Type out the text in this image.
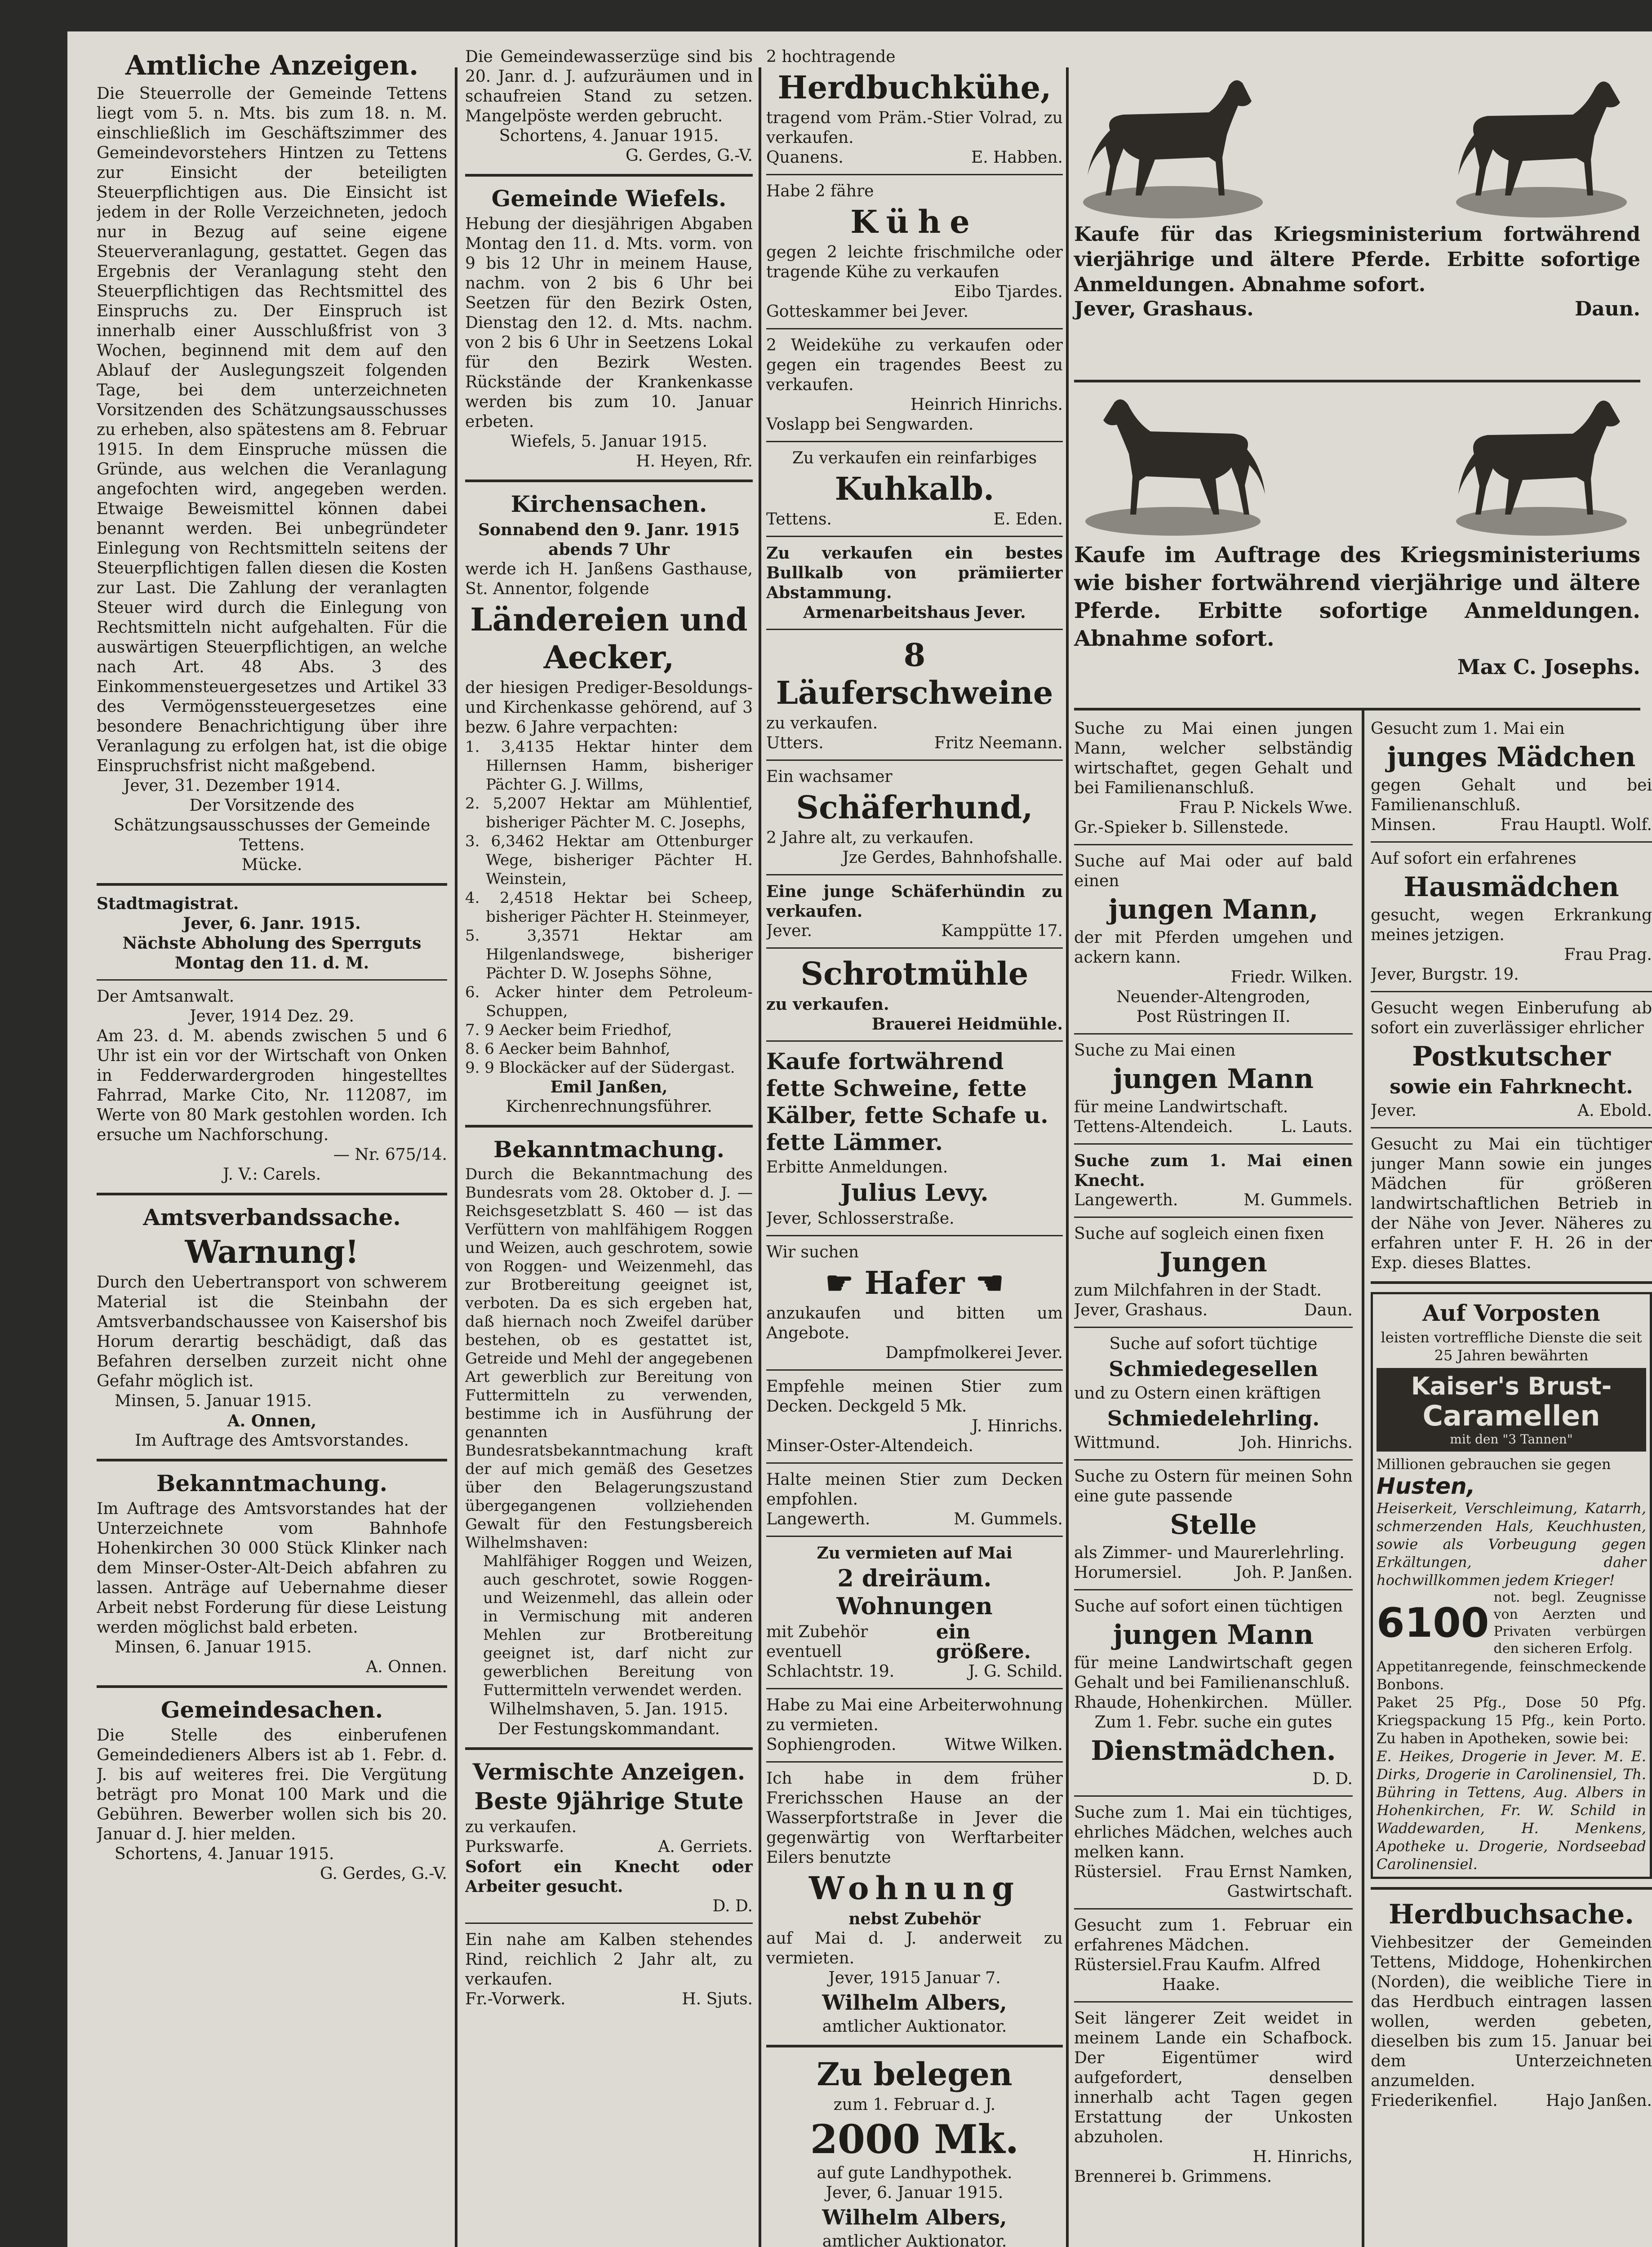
Amtliche Anzeigen.

Die Steuerrolle der Gemeinde Tettens liegt vom 5. n. Mts. bis zum 18. n. M. einschließlich im Geschäftszimmer des Gemeindevorstehers Hintzen zu Tettens zur Einsicht der beteiligten Steuerpflichtigen aus. Die Einsicht ist jedem in der Rolle Verzeichneten, jedoch nur in Bezug auf seine eigene Steuerveranlagung, gestattet. Gegen das Ergebnis der Veranlagung steht den Steuerpflichtigen das Rechtsmittel des Einspruchs zu. Der Einspruch ist innerhalb einer Ausschlußfrist von 3 Wochen, beginnend mit dem auf den Ablauf der Auslegungszeit folgenden Tage, bei dem unterzeichneten Vorsitzenden des Schätzungsausschusses zu erheben, also spätestens am 8. Februar 1915. In dem Einspruche müssen die Gründe, aus welchen die Veranlagung angefochten wird, angegeben werden. Etwaige Beweismittel können dabei benannt werden. Bei unbegründeter Einlegung von Rechtsmitteln seitens der Steuerpflichtigen fallen diesen die Kosten zur Last. Die Zahlung der veranlagten Steuer wird durch die Einlegung von Rechtsmitteln nicht aufgehalten. Für die auswärtigen Steuerpflichtigen, an welche nach Art. 48 Abs. 3 des Einkommensteuergesetzes und Artikel 33 des Vermögenssteuergesetzes eine besondere Benachrichtigung über ihre Veranlagung zu erfolgen hat, ist die obige Einspruchsfrist nicht maßgebend.

Jever, 31. Dezember 1914.

Der Vorsitzende des Schätzungsausschusses der Gemeinde Tettens.

Mücke.

Stadtmagistrat.

Jever, 6. Janr. 1915.

Nächste Abholung des Sperrguts Montag den 11. d. M.

Der Amtsanwalt.

Jever, 1914 Dez. 29.

Am 23. d. M. abends zwischen 5 und 6 Uhr ist ein vor der Wirtschaft von Onken in Fedderwardergroden hingestelltes Fahrrad, Marke Cito, Nr. 112087, im Werte von 80 Mark gestohlen worden. Ich ersuche um Nachforschung.

— Nr. 675/14.

J. V.: Carels.

Amtsverbandssache.
Warnung!

Durch den Uebertransport von schwerem Material ist die Steinbahn der Amtsverbandschaussee von Kaisershof bis Horum derartig beschädigt, daß das Befahren derselben zurzeit nicht ohne Gefahr möglich ist.

Minsen, 5. Januar 1915.

A. Onnen,

Im Auftrage des Amtsvorstandes.

Bekanntmachung.

Im Auftrage des Amtsvorstandes hat der Unterzeichnete vom Bahnhofe Hohenkirchen 30 000 Stück Klinker nach dem Minser-Oster-Alt-Deich abfahren zu lassen. Anträge auf Uebernahme dieser Arbeit nebst Forderung für diese Leistung werden möglichst bald erbeten.

Minsen, 6. Januar 1915.

A. Onnen.

Gemeindesachen.

Die Stelle des einberufenen Gemeindedieners Albers ist ab 1. Febr. d. J. bis auf weiteres frei. Die Vergütung beträgt pro Monat 100 Mark und die Gebühren. Bewerber wollen sich bis 20. Januar d. J. hier melden.

Schortens, 4. Januar 1915.

G. Gerdes, G.-V.

Die Gemeindewasserzüge sind bis 20. Janr. d. J. aufzuräumen und in schaufreien Stand zu setzen. Mangelpöste werden gebrucht.

Schortens, 4. Januar 1915.

G. Gerdes, G.-V.

Gemeinde Wiefels.

Hebung der diesjährigen Abgaben Montag den 11. d. Mts. vorm. von 9 bis 12 Uhr in meinem Hause, nachm. von 2 bis 6 Uhr bei Seetzen für den Bezirk Osten, Dienstag den 12. d. Mts. nachm. von 2 bis 6 Uhr in Seetzens Lokal für den Bezirk Westen. Rückstände der Krankenkasse werden bis zum 10. Januar erbeten.

Wiefels, 5. Januar 1915.

H. Heyen, Rfr.

Kirchensachen.

Sonnabend den 9. Janr. 1915 abends 7 Uhr

werde ich H. Janßens Gasthause, St. Annentor, folgende

Ländereien und Aecker,

der hiesigen Prediger-Besoldungs- und Kirchenkasse gehörend, auf 3 bezw. 6 Jahre verpachten:

1. 3,4135 Hektar hinter dem Hillernsen Hamm, bisheriger Pächter G. J. Willms,
2. 5,2007 Hektar am Mühlentief, bisheriger Pächter M. C. Josephs,
3. 6,3462 Hektar am Ottenburger Wege, bisheriger Pächter H. Weinstein,
4. 2,4518 Hektar bei Scheep, bisheriger Pächter H. Steinmeyer,
5. 3,3571 Hektar am Hilgenlandswege, bisheriger Pächter D. W. Josephs Söhne,
6. Acker hinter dem Petroleum-Schuppen,
7. 9 Aecker beim Friedhof,
8. 6 Aecker beim Bahnhof,
9. 9 Blockäcker auf der Südergast.

Emil Janßen,

Kirchenrechnungsführer.

Bekanntmachung.

Durch die Bekanntmachung des Bundesrats vom 28. Oktober d. J. — Reichsgesetzblatt S. 460 — ist das Verfüttern von mahlfähigem Roggen und Weizen, auch geschrotem, sowie von Roggen- und Weizenmehl, das zur Brotbereitung geeignet ist, verboten. Da es sich ergeben hat, daß hiernach noch Zweifel darüber bestehen, ob es gestattet ist, Getreide und Mehl der angegebenen Art gewerblich zur Bereitung von Futtermitteln zu verwenden, bestimme ich in Ausführung der genannten Bundesratsbekanntmachung kraft der auf mich gemäß des Gesetzes über den Belagerungszustand übergegangenen vollziehenden Gewalt für den Festungsbereich Wilhelmshaven:

Mahlfähiger Roggen und Weizen, auch geschrotet, sowie Roggen- und Weizenmehl, das allein oder in Vermischung mit anderen Mehlen zur Brotbereitung geeignet ist, darf nicht zur gewerblichen Bereitung von Futtermitteln verwendet werden.

Wilhelmshaven, 5. Jan. 1915.

Der Festungskommandant.

Vermischte Anzeigen.
Beste 9jährige Stute

zu verkaufen.

Purkswarfe.	A. Gerriets.

Sofort ein Knecht oder Arbeiter gesucht.

D. D.

Ein nahe am Kalben stehendes Rind, reichlich 2 Jahr alt, zu verkaufen.

Fr.-Vorwerk.	H. Sjuts.

2 hochtragende

Herdbuchkühe,

tragend vom Präm.-Stier Volrad, zu verkaufen.

Quanens.	E. Habben.

Habe 2 fähre

Kühe

gegen 2 leichte frischmilche oder tragende Kühe zu verkaufen

Eibo Tjardes.

Gotteskammer bei Jever.

2 Weidekühe zu verkaufen oder gegen ein tragendes Beest zu verkaufen.

Heinrich Hinrichs.

Voslapp bei Sengwarden.

Zu verkaufen ein reinfarbiges

Kuhkalb.
Tettens.	E. Eden.

Zu verkaufen ein bestes Bullkalb von prämiierter Abstammung.

Armenarbeitshaus Jever.

8 Läuferschweine

zu verkaufen.

Utters.	Fritz Neemann.

Ein wachsamer

Schäferhund,

2 Jahre alt, zu verkaufen.

Jze Gerdes, Bahnhofshalle.

Eine junge Schäferhündin zu verkaufen.

Jever.	Kamppütte 17.
Schrotmühle

zu verkaufen.

Brauerei Heidmühle.

Kaufe fortwährend fette Schweine, fette Kälber, fette Schafe u. fette Lämmer.

Erbitte Anmeldungen.

Julius Levy.

Jever, Schlosserstraße.

Wir suchen

☛ Hafer ☚

anzukaufen und bitten um Angebote.

Dampfmolkerei Jever.

Empfehle meinen Stier zum Decken. Deckgeld 5 Mk.

J. Hinrichs.

Minser-Oster-Altendeich.

Halte meinen Stier zum Decken empfohlen.

Langewerth.	M. Gummels.

Zu vermieten auf Mai

2 dreiräum. Wohnungen
mit Zubehör eventuell
ein größere.
Schlachtstr. 19.	J. G. Schild.

Habe zu Mai eine Arbeiterwohnung zu vermieten.

Sophiengroden.	Witwe Wilken.

Ich habe in dem früher Frerichsschen Hause an der Wasserpfortstraße in Jever die gegenwärtig von Werftarbeiter Eilers benutzte

Wohnung

nebst Zubehör

auf Mai d. J. anderweit zu vermieten.

Jever, 1915 Januar 7.

Wilhelm Albers,

amtlicher Auktionator.

Zu belegen

zum 1. Februar d. J.

2000 Mk.

auf gute Landhypothek.

Jever, 6. Januar 1915.

Wilhelm Albers,

amtlicher Auktionator.

Kaufe für das Kriegsministerium fortwährend vierjährige und ältere Pferde. Erbitte sofortige Anmeldungen. Abnahme sofort.
Jever, Grashaus.	Daun.
Kaufe im Auftrage des Kriegsministeriums wie bisher fortwährend vierjährige und ältere Pferde. Erbitte sofortige Anmeldungen. Abnahme sofort.

Max C. Josephs.

Suche zu Mai einen jungen Mann, welcher selbständig wirtschaftet, gegen Gehalt und bei Familienanschluß.

Frau P. Nickels Wwe.

Gr.-Spieker b. Sillenstede.

Suche auf Mai oder auf bald einen

jungen Mann,

der mit Pferden umgehen und ackern kann.

Friedr. Wilken.

Neuender-Altengroden,

Post Rüstringen II.

Suche zu Mai einen

jungen Mann

für meine Landwirtschaft.

Tettens-Altendeich.	L. Lauts.

Suche zum 1. Mai einen Knecht.

Langewerth.	M. Gummels.

Suche auf sogleich einen fixen

Jungen

zum Milchfahren in der Stadt.

Jever, Grashaus.	Daun.

Suche auf sofort tüchtige

Schmiedegesellen

und zu Ostern einen kräftigen

Schmiedelehrling.
Wittmund.	Joh. Hinrichs.

Suche zu Ostern für meinen Sohn eine gute passende

Stelle

als Zimmer- und Maurerlehrling.

Horumersiel.	Joh. P. Janßen.

Suche auf sofort einen tüchtigen

jungen Mann

für meine Landwirtschaft gegen Gehalt und bei Familienanschluß.

Rhaude, Hohenkirchen. Müller.

Zum 1. Febr. suche ein gutes

Dienstmädchen.

D. D.

Suche zum 1. Mai ein tüchtiges, ehrliches Mädchen, welches auch melken kann.

Rüstersiel. Frau Ernst Namken,

Gastwirtschaft.

Gesucht zum 1. Februar ein erfahrenes Mädchen.

Rüstersiel. Frau Kaufm. Alfred Haake.

Seit längerer Zeit weidet in meinem Lande ein Schafbock. Der Eigentümer wird aufgefordert, denselben innerhalb acht Tagen gegen Erstattung der Unkosten abzuholen.

H. Hinrichs,

Brennerei b. Grimmens.

Gesucht zum 1. Mai ein

junges Mädchen

gegen Gehalt und bei Familienanschluß.

Minsen.	Frau Hauptl. Wolf.

Auf sofort ein erfahrenes

Hausmädchen

gesucht, wegen Erkrankung meines jetzigen.

Frau Prag.

Jever, Burgstr. 19.

Gesucht wegen Einberufung ab sofort ein zuverlässiger ehrlicher

Postkutscher
sowie ein Fahrknecht.
Jever.	A. Ebold.

Gesucht zu Mai ein tüchtiger junger Mann sowie ein junges Mädchen für größeren landwirtschaftlichen Betrieb in der Nähe von Jever. Näheres zu erfahren unter F. H. 26 in der Exp. dieses Blattes.

Auf Vorposten

leisten vortreffliche Dienste die seit 25 Jahren bewährten

Kaiser's Brust-
Caramellen
mit den "3 Tannen"

Millionen gebrauchen sie gegen

Husten,

Heiserkeit, Verschleimung, Katarrh, schmerzenden Hals, Keuchhusten, sowie als Vorbeugung gegen Erkältungen, daher hochwillkommen jedem Krieger!

6100

not. begl. Zeugnisse von Aerzten und Privaten verbürgen den sicheren Erfolg.

Appetitanregende, feinschmeckende Bonbons.

Paket 25 Pfg., Dose 50 Pfg. Kriegspackung 15 Pfg., kein Porto. Zu haben in Apotheken, sowie bei:

E. Heikes, Drogerie in Jever. M. E. Dirks, Drogerie in Carolinensiel, Th. Bühring in Tettens, Aug. Albers in Hohenkirchen, Fr. W. Schild in Waddewarden, H. Menkens, Apotheke u. Drogerie, Nordseebad Carolinensiel.

Herdbuchsache.

Viehbesitzer der Gemeinden Tettens, Middoge, Hohenkirchen (Norden), die weibliche Tiere in das Herdbuch eintragen lassen wollen, werden gebeten, dieselben bis zum 15. Januar bei dem Unterzeichneten anzumelden.

Friederikenfiel.	Hajo Janßen.
